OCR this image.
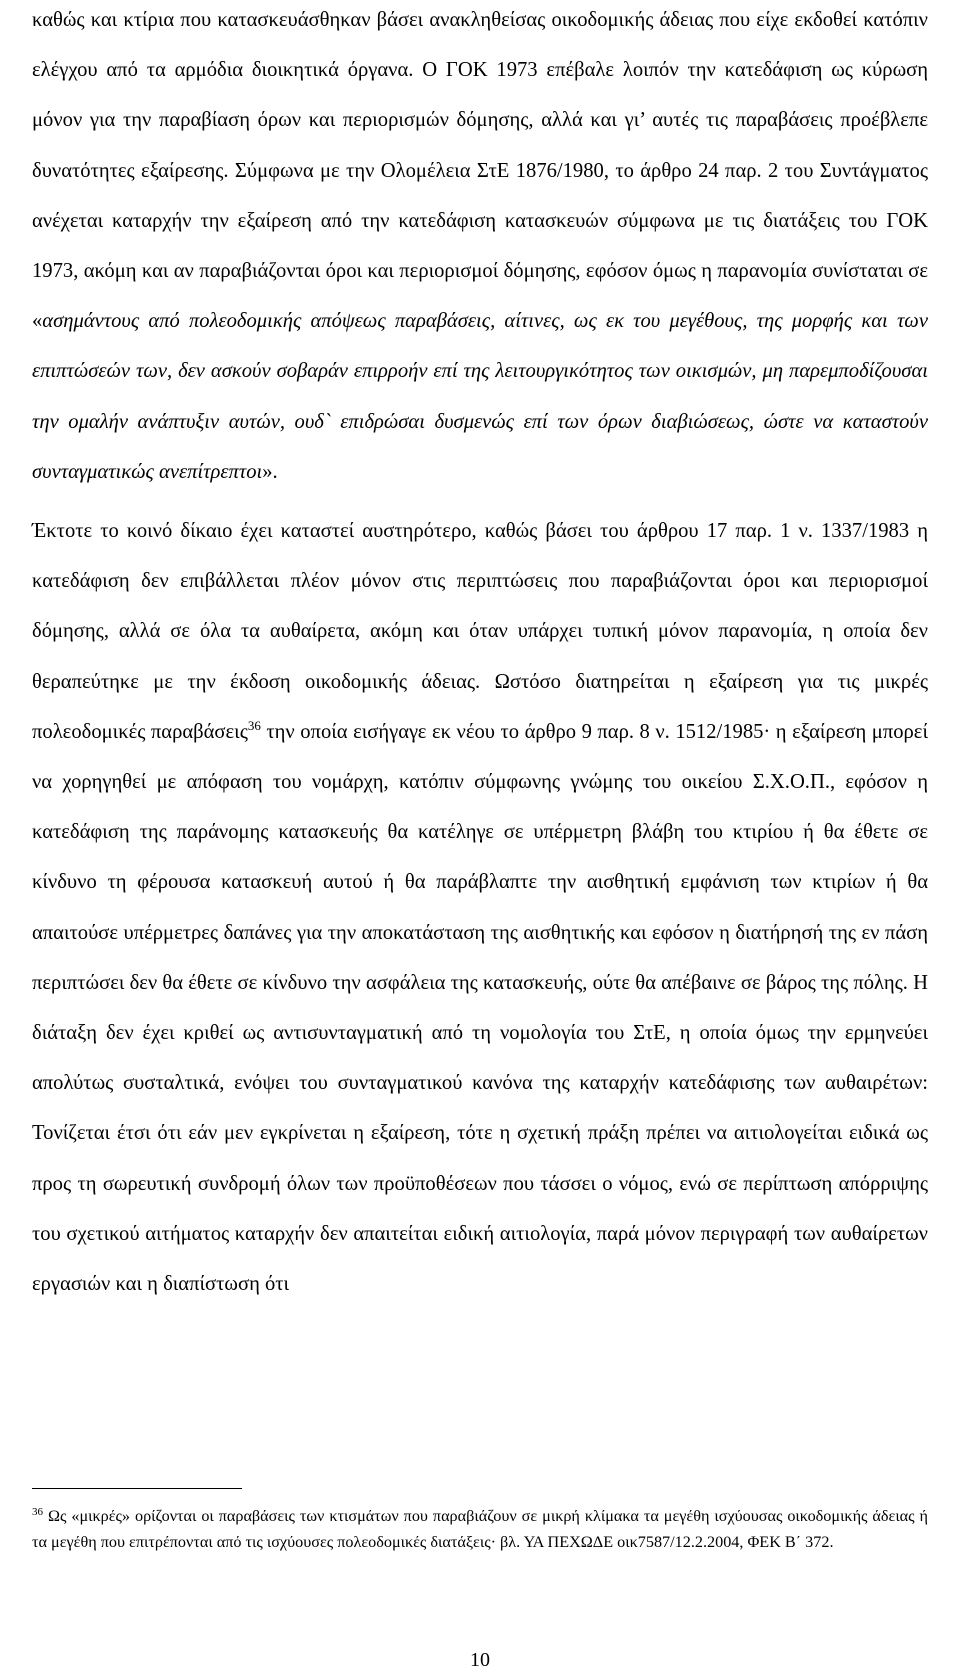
καθώς και κτίρια που κατασκευάσθηκαν βάσει ανακληθείσας οικοδομικής άδειας που είχε εκδοθεί κατόπιν ελέγχου από τα αρμόδια διοικητικά όργανα. Ο ΓΟΚ 1973 επέβαλε λοιπόν την κατεδάφιση ως κύρωση μόνον για την παραβίαση όρων και περιορισμών δόμησης, αλλά και γι’ αυτές τις παραβάσεις προέβλεπε δυνατότητες εξαίρεσης. Σύμφωνα με την Ολομέλεια ΣτΕ 1876/1980, το άρθρο 24 παρ. 2 του Συντάγματος ανέχεται καταρχήν την εξαίρεση από την κατεδάφιση κατασκευών σύμφωνα με τις διατάξεις του ΓΟΚ 1973, ακόμη και αν παραβιάζονται όροι και περιορισμοί δόμησης, εφόσον όμως η παρανομία συνίσταται σε «ασημάντους από πολεοδομικής απόψεως παραβάσεις, αίτινες, ως εκ του μεγέθους, της μορφής και των επιπτώσεών των, δεν ασκούν σοβαράν επιρροήν επί της λειτουργικότητος των οικισμών, μη παρεμποδίζουσαι την ομαλήν ανάπτυξιν αυτών, ουδ` επιδρώσαι δυσμενώς επί των όρων διαβιώσεως, ώστε να καταστούν συνταγματικώς ανεπίτρεπτοι».

Έκτοτε το κοινό δίκαιο έχει καταστεί αυστηρότερο, καθώς βάσει του άρθρου 17 παρ. 1 ν. 1337/1983 η κατεδάφιση δεν επιβάλλεται πλέον μόνον στις περιπτώσεις που παραβιάζονται όροι και περιορισμοί δόμησης, αλλά σε όλα τα αυθαίρετα, ακόμη και όταν υπάρχει τυπική μόνον παρανομία, η οποία δεν θεραπεύτηκε με την έκδοση οικοδομικής άδειας. Ωστόσο διατηρείται η εξαίρεση για τις μικρές πολεοδομικές παραβάσεις$^{36}$ την οποία εισήγαγε εκ νέου το άρθρο 9 παρ. 8 ν. 1512/1985· η εξαίρεση μπορεί να χορηγηθεί με απόφαση του νομάρχη, κατόπιν σύμφωνης γνώμης του οικείου Σ.Χ.Ο.Π., εφόσον η κατεδάφιση της παράνομης κατασκευής θα κατέληγε σε υπέρμετρη βλάβη του κτιρίου ή θα έθετε σε κίνδυνο τη φέρουσα κατασκευή αυτού ή θα παράβλαπτε την αισθητική εμφάνιση των κτιρίων ή θα απαιτούσε υπέρμετρες δαπάνες για την αποκατάσταση της αισθητικής και εφόσον η διατήρησή της εν πάση περιπτώσει δεν θα έθετε σε κίνδυνο την ασφάλεια της κατασκευής, ούτε θα απέβαινε σε βάρος της πόλης. Η διάταξη δεν έχει κριθεί ως αντισυνταγματική από τη νομολογία του ΣτΕ, η οποία όμως την ερμηνεύει απολύτως συσταλτικά, ενόψει του συνταγματικού κανόνα της καταρχήν κατεδάφισης των αυθαιρέτων: Τονίζεται έτσι ότι εάν μεν εγκρίνεται η εξαίρεση, τότε η σχετική πράξη πρέπει να αιτιολογείται ειδικά ως προς τη σωρευτική συνδρομή όλων των προϋποθέσεων που τάσσει ο νόμος, ενώ σε περίπτωση απόρριψης του σχετικού αιτήματος καταρχήν δεν απαιτείται ειδική αιτιολογία, παρά μόνον περιγραφή των αυθαίρετων εργασιών και η διαπίστωση ότι

$^{36}$ Ως «μικρές» ορίζονται οι παραβάσεις των κτισμάτων που παραβιάζουν σε μικρή κλίμακα τα μεγέθη ισχύουσας οικοδομικής άδειας ή τα μεγέθη που επιτρέπονται από τις ισχύουσες πολεοδομικές διατάξεις· βλ. ΥΑ ΠΕΧΩΔΕ οικ7587/12.2.2004, ΦΕΚ Β΄ 372.

10
